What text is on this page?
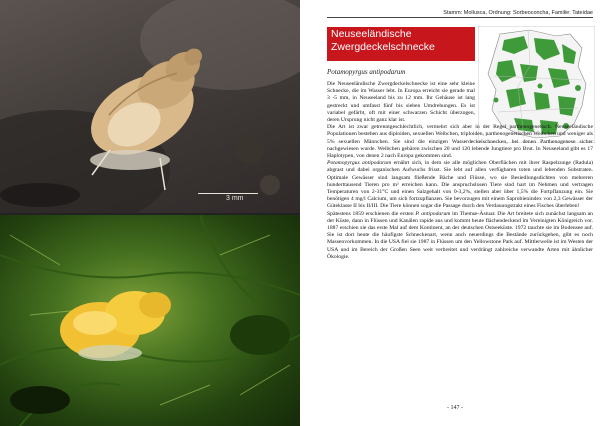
3 mm
Stamm: Mollusca, Ordnung: Sorbeoconcha, Familie: Tateidae
Neuseeländische Zwergdeckelschnecke
Potamopyrgus antipodarum

Die Neuseeländische Zwergdeckelschnecke ist eine sehr kleine Schnecke, die im Wasser lebt. In Europa erreicht sie gerade mal 3 -5 mm, in Neuseeland bis zu 12 mm. Ihr Gehäuse ist lang gestreckt und umfasst fünf bis sieben Umdrehungen. Es ist variabel gefärbt, oft mit einer schwarzen Schicht überzogen, deren Ursprung nicht ganz klar ist.

Die Art ist zwar getrenntgeschlechtlich, vermehrt sich aber in der Regel parthenogenetisch. Neuseeländische Populationen bestehen aus diploiden, sexuellen Weibchen, triploiden, parthenogenetischen Weibchen und weniger als 5% sexuellen Männchen. Sie sind die einzigen Wasserdeckelschnecken, bei denen Parthenogenese sicher nachgewiesen wurde. Weibchen gebären zwischen 20 und 120 lebende Jungtiere pro Brut. In Neuseeland gibt es 17 Haplotypen, von denen 2 nach Europa gekommen sind.

Potamopyrgus antipodarum ernährt sich, in dem sie alle möglichen Oberflächen mit ihrer Raspelzunge (Radula) abgrast und dabei organischen Aufwuchs frisst. Sie lebt auf allen verfügbaren toten und lebenden Substraten. Optimale Gewässer sind langsam fließende Bäche und Flüsse, wo sie Besiedlungsdichten von mehreren hunderttausend Tieren pro m² erreichen kann. Die anspruchslosen Tiere sind hart im Nehmen und vertragen Temperaturen von 2-31°C und einen Salzgehalt von 0-3,2%, stellen aber über 1,5% die Fortpflanzung ein. Sie benötigen 4 mg/l Calcium, um sich fortzupflanzen. Sie bevorzugen mit einem Saprobienindex von 2,3 Gewässer der Güteklasse II bis II/III. Die Tiere können sogar die Passage durch den Verdauungstrakt eines Fisches überleben!

Spätestens 1859 erschienen die ersten P. antipodarum im Themse-Ästuar. Die Art breitete sich zunächst langsam an der Küste, dann in Flüssen und Kanälen rapide aus und kommt heute flächendeckend im Vereinigten Königreich vor. 1887 erschien sie das erste Mal auf dem Kontinent, an der deutschen Ostseeküste. 1972 tauchte sie im Bodensee auf. Sie ist dort heute die häufigste Schneckenart, wenn auch neuerdings die Bestände zurückgehen, gibt es noch Massenvorkommen. In die USA fiel sie 1987 in Flüssen um den Yellowstone Park auf. Mittlerweile ist im Westen der USA und im Bereich der Großen Seen weit verbreitet und verdrängt zahlreiche verwandte Arten mit ähnlicher Ökologie.

- 147 -
